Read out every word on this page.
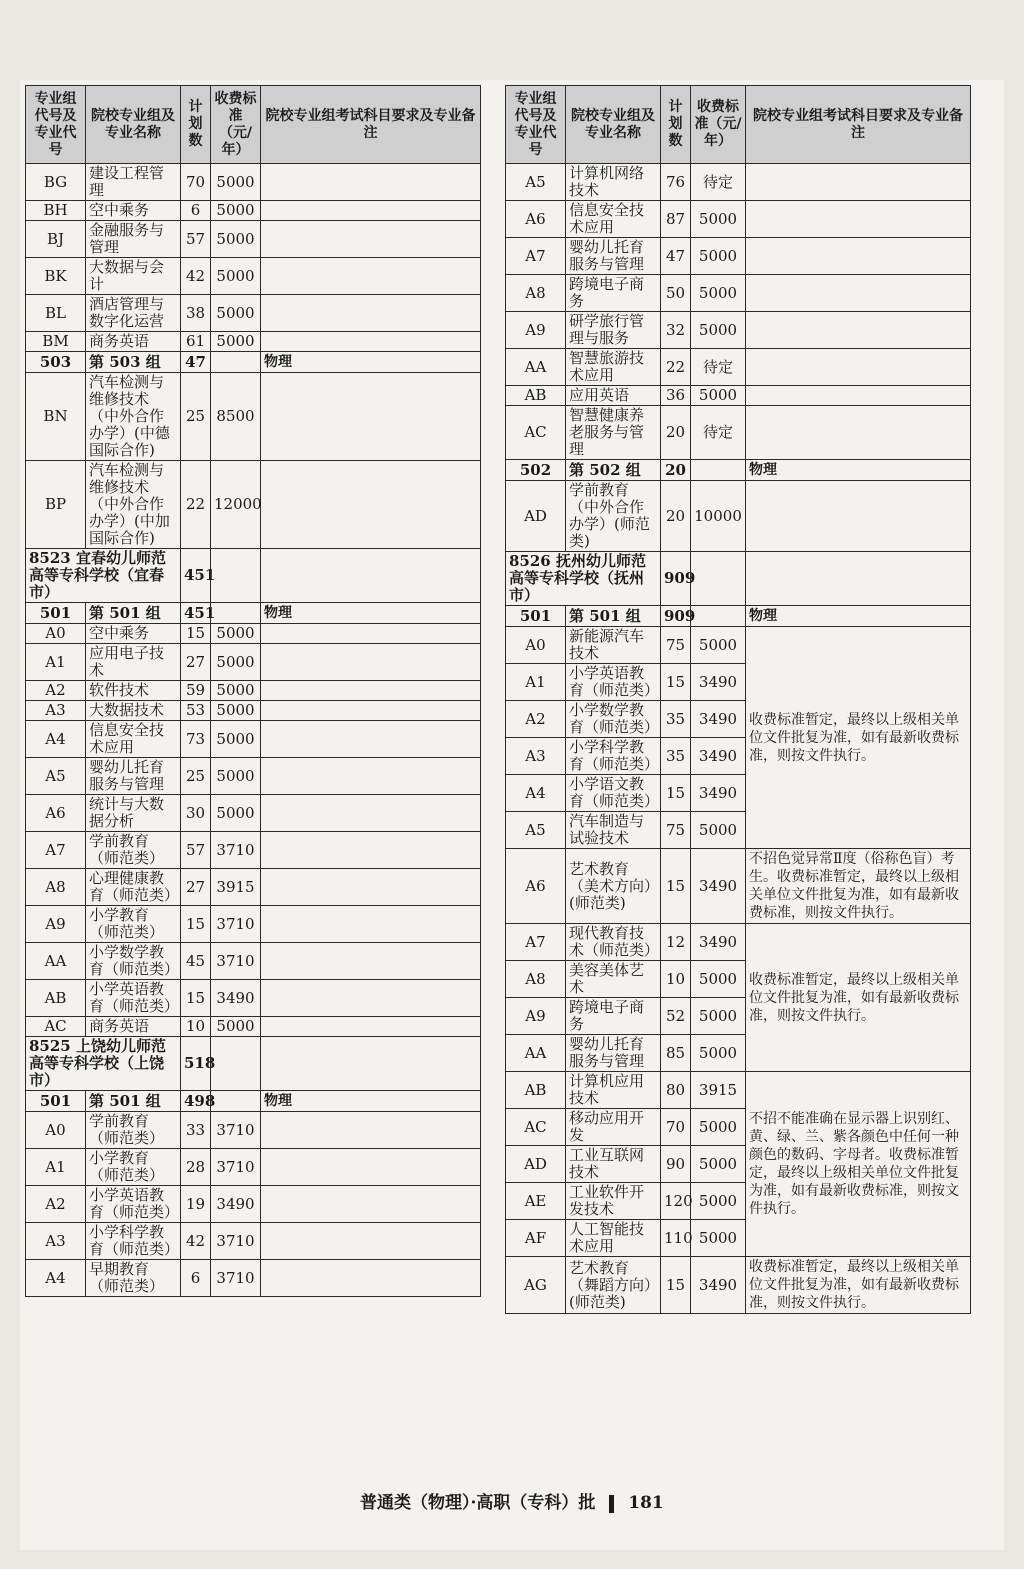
专业组代号及专业代号	院校专业组及专业名称	计划数	收费标准（元/年）	院校专业组考试科目要求及专业备注
BG	建设工程管理	70	5000	
BH	空中乘务	6	5000	
BJ	金融服务与管理	57	5000	
BK	大数据与会计	42	5000	
BL	酒店管理与数字化运营	38	5000	
BM	商务英语	61	5000	
503	第 503 组	47		物理
BN	汽车检测与维修技术（中外合作办学）(中德国际合作)	25	8500	
BP	汽车检测与维修技术（中外合作办学）(中加国际合作)	22	12000	
8523 宜春幼儿师范高等专科学校（宜春市）		451		
501	第 501 组	451		物理
A0	空中乘务	15	5000	
A1	应用电子技术	27	5000	
A2	软件技术	59	5000	
A3	大数据技术	53	5000	
A4	信息安全技术应用	73	5000	
A5	婴幼儿托育服务与管理	25	5000	
A6	统计与大数据分析	30	5000	
A7	学前教育（师范类）	57	3710	
A8	心理健康教育（师范类）	27	3915	
A9	小学教育（师范类）	15	3710	
AA	小学数学教育（师范类）	45	3710	
AB	小学英语教育（师范类）	15	3490	
AC	商务英语	10	5000	
8525 上饶幼儿师范高等专科学校（上饶市）		518		
501	第 501 组	498		物理
A0	学前教育（师范类）	33	3710	
A1	小学教育（师范类）	28	3710	
A2	小学英语教育（师范类）	19	3490	
A3	小学科学教育（师范类）	42	3710	
A4	早期教育（师范类）	6	3710	
专业组代号及专业代号	院校专业组及专业名称	计划数	收费标准（元/年）	院校专业组考试科目要求及专业备注
A5	计算机网络技术	76	待定	
A6	信息安全技术应用	87	5000	
A7	婴幼儿托育服务与管理	47	5000	
A8	跨境电子商务	50	5000	
A9	研学旅行管理与服务	32	5000	
AA	智慧旅游技术应用	22	待定	
AB	应用英语	36	5000	
AC	智慧健康养老服务与管理	20	待定	
502	第 502 组	20		物理
AD	学前教育（中外合作办学）(师范类)	20	10000	
8526 抚州幼儿师范高等专科学校（抚州市）		909		
501	第 501 组	909		物理
A0	新能源汽车技术	75	5000	收费标准暂定，最终以上级相关单位文件批复为准，如有最新收费标准，则按文件执行。
A1	小学英语教育（师范类）	15	3490	
A2	小学数学教育（师范类）	35	3490	
A3	小学科学教育（师范类）	35	3490	
A4	小学语文教育（师范类）	15	3490	
A5	汽车制造与试验技术	75	5000	
A6	艺术教育（美术方向）(师范类)	15	3490	不招色觉异常Ⅱ度（俗称色盲）考生。收费标准暂定，最终以上级相关单位文件批复为准，如有最新收费标准，则按文件执行。
A7	现代教育技术（师范类）	12	3490	收费标准暂定，最终以上级相关单位文件批复为准，如有最新收费标准，则按文件执行。
A8	美容美体艺术	10	5000	
A9	跨境电子商务	52	5000	
AA	婴幼儿托育服务与管理	85	5000	
AB	计算机应用技术	80	3915	不招不能准确在显示器上识别红、黄、绿、兰、紫各颜色中任何一种颜色的数码、字母者。收费标准暂定，最终以上级相关单位文件批复为准，如有最新收费标准，则按文件执行。
AC	移动应用开发	70	5000	
AD	工业互联网技术	90	5000	
AE	工业软件开发技术	120	5000	
AF	人工智能技术应用	110	5000	
AG	艺术教育（舞蹈方向）(师范类)	15	3490	收费标准暂定，最终以上级相关单位文件批复为准，如有最新收费标准，则按文件执行。
普通类（物理）·高职（专科）批 181
